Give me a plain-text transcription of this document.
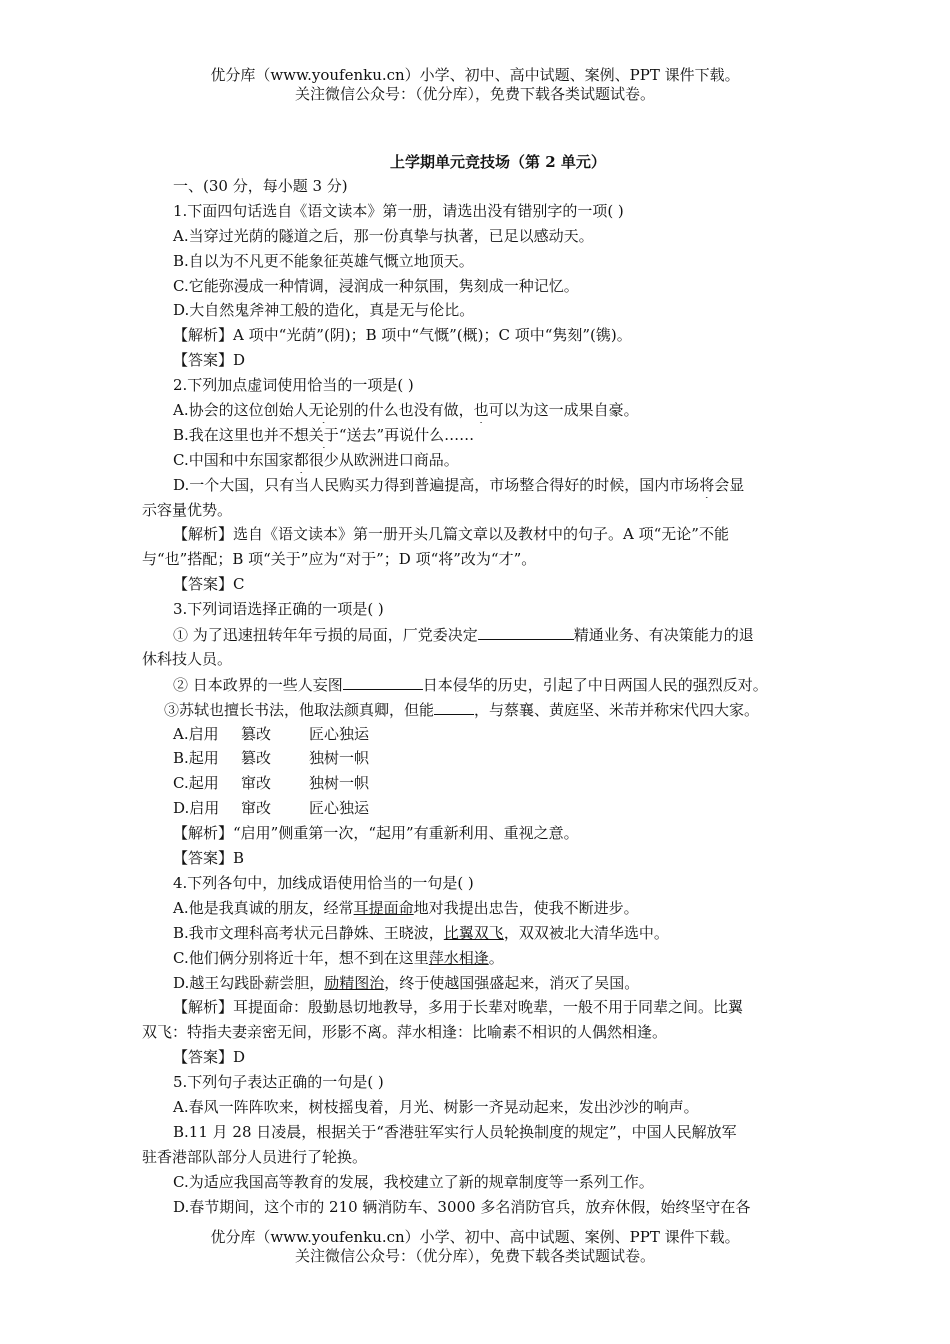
优分库（www.youfenku.cn）小学、初中、高中试题、案例、PPT 课件下载。
关注微信公众号：（优分库），免费下载各类试题试卷。
上学期单元竞技场（第 2 单元）
一、(30 分，每小题 3 分)
1.下面四句话选自《语文读本》第一册，请选出没有错别字的一项( )
A.当穿过光荫的隧道之后，那一份真挚与执著，已足以感动天。
B.自以为不凡更不能象征英雄气慨立地顶天。
C.它能弥漫成一种情调，浸润成一种氛围，隽刻成一种记忆。
D.大自然鬼斧神工般的造化，真是无与伦比。
【解析】A 项中“光荫”(阴)；B 项中“气慨”(概)；C 项中“隽刻”(镌)。
【答案】D
2.下列加点虚词使用恰当的一项是( )
A.协会的这位创始人无论别的什么也没有做，也可以为这一成果自豪。
B.我在这里也并不想关于“送去”再说什么……
C.中国和中东国家都很少从欧洲进口商品。
D.一个大国，只有当人民购买力得到普遍提高，市场整合得好的时候，国内市场将会显
示容量优势。
【解析】选自《语文读本》第一册开头几篇文章以及教材中的句子。A 项“无论”不能
与“也”搭配；B 项“关于”应为“对于”；D 项“将”改为“才”。
【答案】C
3.下列词语选择正确的一项是( )
① 为了迅速扭转年年亏损的局面，厂党委决定	精通业务、有决策能力的退
休科技人员。
② 日本政界的一些人妄图	日本侵华的历史，引起了中日两国人民的强烈反对。
③苏轼也擅长书法，他取法颜真卿，但能	，与蔡襄、黄庭坚、米芾并称宋代四大家。
A.启用 篡改	匠心独运
B.起用 篡改	独树一帜
C.起用 窜改	独树一帜
D.启用 窜改	匠心独运
【解析】“启用”侧重第一次，“起用”有重新利用、重视之意。
【答案】B
4.下列各句中，加线成语使用恰当的一句是( )
A.他是我真诚的朋友，经常耳提面命地对我提出忠告，使我不断进步。
B.我市文理科高考状元吕静姝、王晓波，比翼双飞，双双被北大清华选中。
C.他们俩分别将近十年，想不到在这里萍水相逢。
D.越王勾践卧薪尝胆，励精图治，终于使越国强盛起来，消灭了吴国。
【解析】耳提面命：殷勤恳切地教导，多用于长辈对晚辈，一般不用于同辈之间。比翼
双飞：特指夫妻亲密无间，形影不离。萍水相逢：比喻素不相识的人偶然相逢。
【答案】D
5.下列句子表达正确的一句是( )
A.春风一阵阵吹来，树枝摇曳着，月光、树影一齐晃动起来，发出沙沙的响声。
B.11 月 28 日凌晨，根据关于“香港驻军实行人员轮换制度的规定”，中国人民解放军
驻香港部队部分人员进行了轮换。
C.为适应我国高等教育的发展，我校建立了新的规章制度等一系列工作。
D.春节期间，这个市的 210 辆消防车、3000 多名消防官兵，放弃休假，始终坚守在各
优分库（www.youfenku.cn）小学、初中、高中试题、案例、PPT 课件下载。
关注微信公众号：（优分库），免费下载各类试题试卷。
